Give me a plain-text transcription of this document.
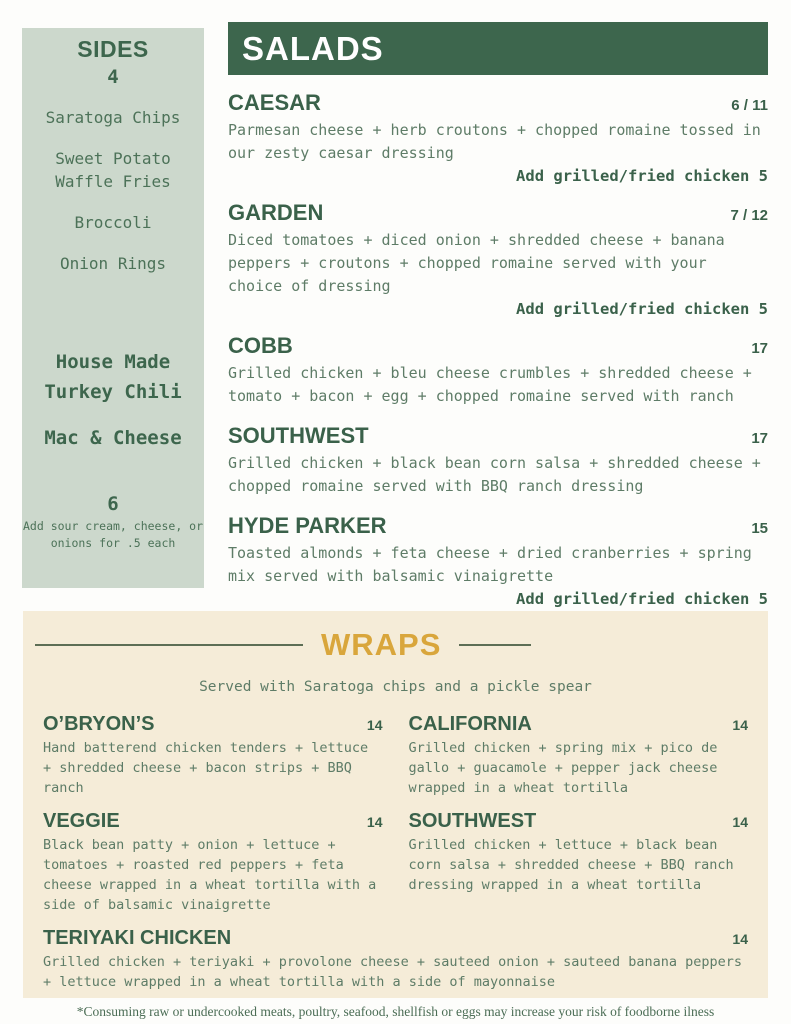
SIDES
4
Saratoga Chips
Sweet Potato Waffle Fries
Broccoli
Onion Rings
House Made Turkey Chili
Mac & Cheese
6
Add sour cream, cheese, or onions for .5 each
SALADS
CAESAR	6 / 11

Parmesan cheese + herb croutons + chopped romaine tossed in our zesty caesar dressing

Add grilled/fried chicken 5
GARDEN	7 / 12

Diced tomatoes + diced onion + shredded cheese + banana peppers + croutons + chopped romaine served with your choice of dressing

Add grilled/fried chicken 5
COBB	17

Grilled chicken + bleu cheese crumbles + shredded cheese + tomato + bacon + egg + chopped romaine served with ranch

SOUTHWEST	17

Grilled chicken + black bean corn salsa + shredded cheese + chopped romaine served with BBQ ranch dressing

HYDE PARKER	15

Toasted almonds + feta cheese + dried cranberries + spring mix served with balsamic vinaigrette

Add grilled/fried chicken 5
WRAPS

Served with Saratoga chips and a pickle spear

O’BRYON’S	14

Hand batterend chicken tenders + lettuce + shredded cheese + bacon strips + BBQ ranch

CALIFORNIA	14

Grilled chicken + spring mix + pico de gallo + guacamole + pepper jack cheese wrapped in a wheat tortilla

VEGGIE	14

Black bean patty + onion + lettuce + tomatoes + roasted red peppers + feta cheese wrapped in a wheat tortilla with a side of balsamic vinaigrette

SOUTHWEST	14

Grilled chicken + lettuce + black bean corn salsa + shredded cheese + BBQ ranch dressing wrapped in a wheat tortilla

TERIYAKI CHICKEN	14

Grilled chicken + teriyaki + provolone cheese + sauteed onion + sauteed banana peppers + lettuce wrapped in a wheat tortilla with a side of mayonnaise

*Consuming raw or undercooked meats, poultry, seafood, shellfish or eggs may increase your risk of foodborne ilness
